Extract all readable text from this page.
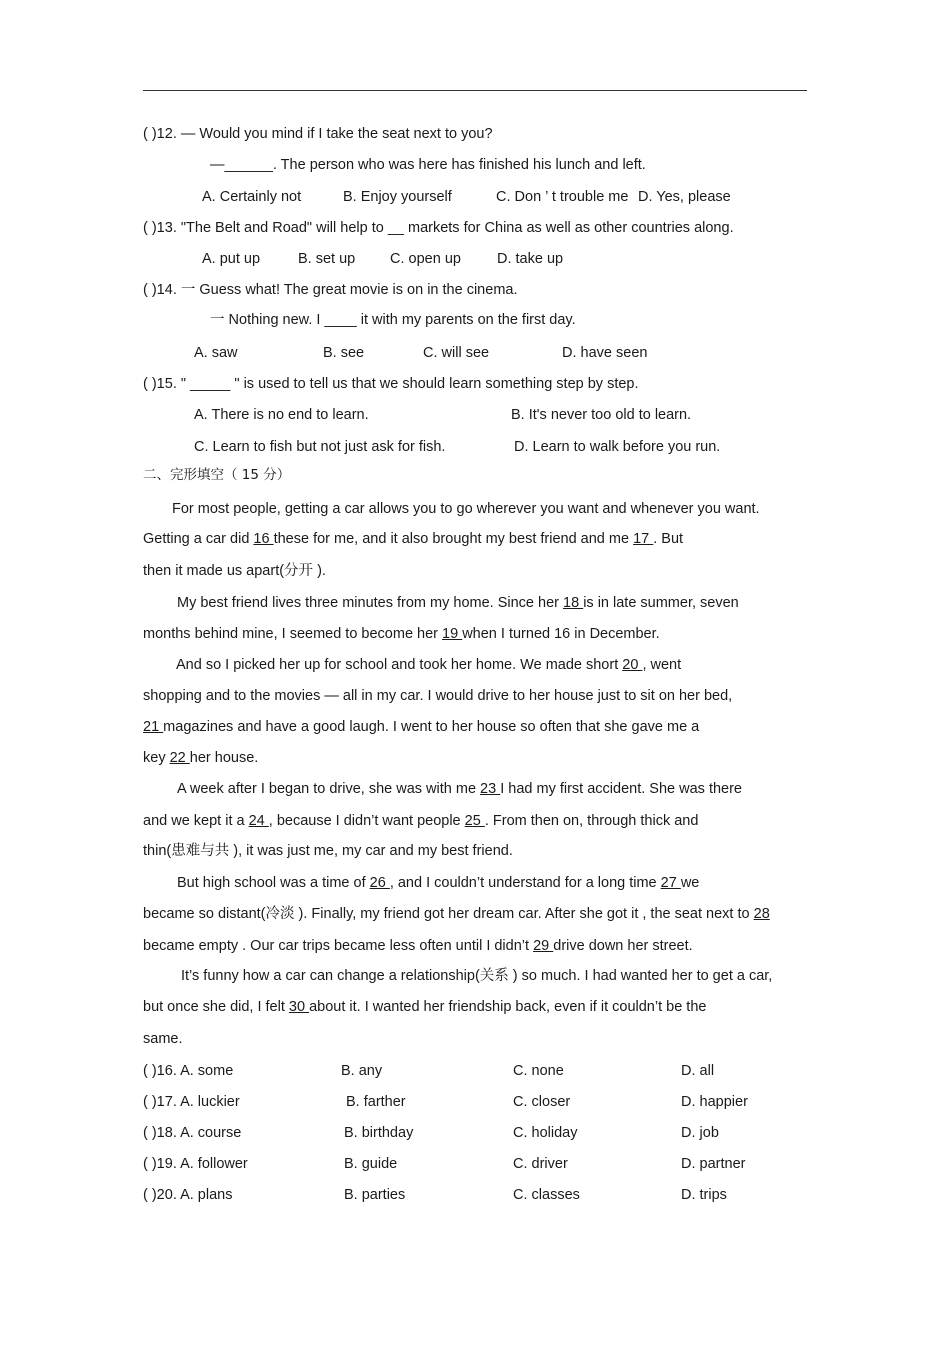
( )12. — Would you mind if I take the seat next to you?
—______. The person who was here has finished his lunch and left.
A. Certainly not	B. Enjoy yourself	C. Don ’ t trouble me D. Yes, please
( )13. "The Belt and Road" will help to __ markets for China as well as other countries along.
A. put up	B. set up C. open up D. take up
( )14. 一 Guess what! The great movie is on in the cinema.
一 Nothing new. I ____ it with my parents on the first day.
A. saw	B. see	C. will see	D. have seen
( )15. " _____ " is used to tell us that we should learn something step by step.
A. There is no end to learn.	B. It's never too old to learn.
C. Learn to fish but not just ask for fish.	D. Learn to walk before you run.
二、完形填空（ 15 分）
For most people, getting a car allows you to go wherever you want and whenever you want.
Getting a car did 16 these for me, and it also brought my best friend and me 17 . But
then it made us apart(分开 ).
My best friend lives three minutes from my home. Since her 18 is in late summer, seven
months behind mine, I seemed to become her 19 when I turned 16 in December.
And so I picked her up for school and took her home. We made short 20 , went
shopping and to the movies — all in my car. I would drive to her house just to sit on her bed,
21 magazines and have a good laugh. I went to her house so often that she gave me a
key 22 her house.
A week after I began to drive, she was with me 23 I had my first accident. She was there
and we kept it a 24 , because I didn’t want people 25 . From then on, through thick and
thin(患难与共 ), it was just me, my car and my best friend.
But high school was a time of 26 , and I couldn’t understand for a long time 27 we
became so distant(冷淡 ). Finally, my friend got her dream car. After she got it , the seat next to 28
became empty . Our car trips became less often until I didn’t 29 drive down her street.
It’s funny how a car can change a relationship(关系 ) so much. I had wanted her to get a car,
but once she did, I felt 30 about it. I wanted her friendship back, even if it couldn’t be the
same.
( )16. A. some	B. any	C. none	D. all
( )17. A. luckier	B. farther	C. closer	D. happier
( )18. A. course	B. birthday	C. holiday	D. job
( )19. A. follower	B. guide	C. driver	D. partner
( )20. A. plans	B. parties	C. classes	D. trips
